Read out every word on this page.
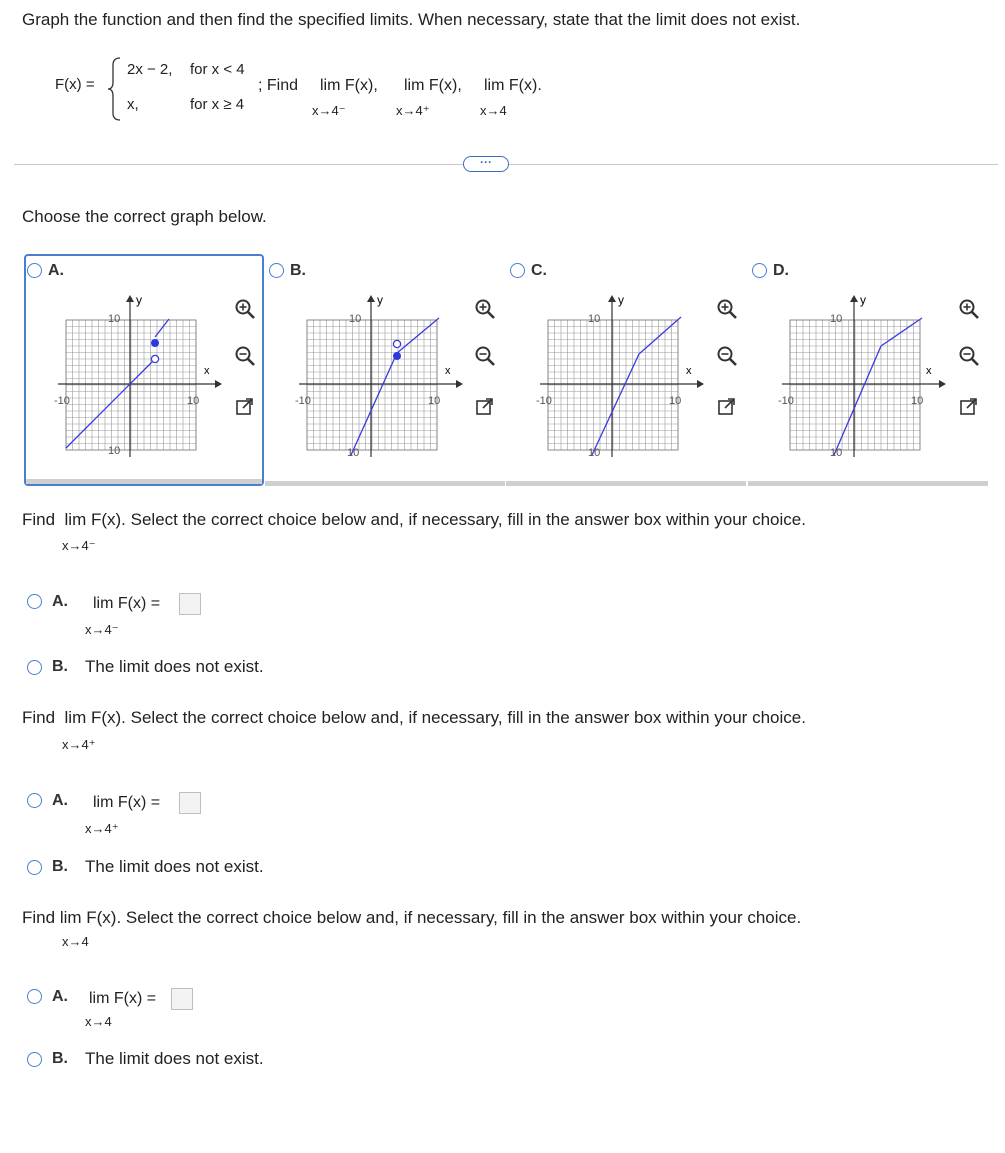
Graph the function and then find the specified limits. When necessary, state that the limit does not exist.
F(x) =
2x − 2, for x < 4
x,	for x ≥ 4
; Find lim F(x),
x→4⁻
lim F(x),
x→4⁺
lim F(x).
x→4
···
Choose the correct graph below.
A.	B.	C.	D.
y
x
10
-10	10
10
y
x
10
-10	10
10
y
x
10
-10	10
10
y
x
10
-10	10
10
Find lim F(x). Select the correct choice below and, if necessary, fill in the answer box within your choice.
x→4⁻
A. lim F(x) =
x→4⁻
B. The limit does not exist.
Find lim F(x). Select the correct choice below and, if necessary, fill in the answer box within your choice.
x→4⁺
A. lim F(x) =
x→4⁺
B. The limit does not exist.
Find lim F(x). Select the correct choice below and, if necessary, fill in the answer box within your choice.
x→4
A. lim F(x) =
x→4
B. The limit does not exist.
